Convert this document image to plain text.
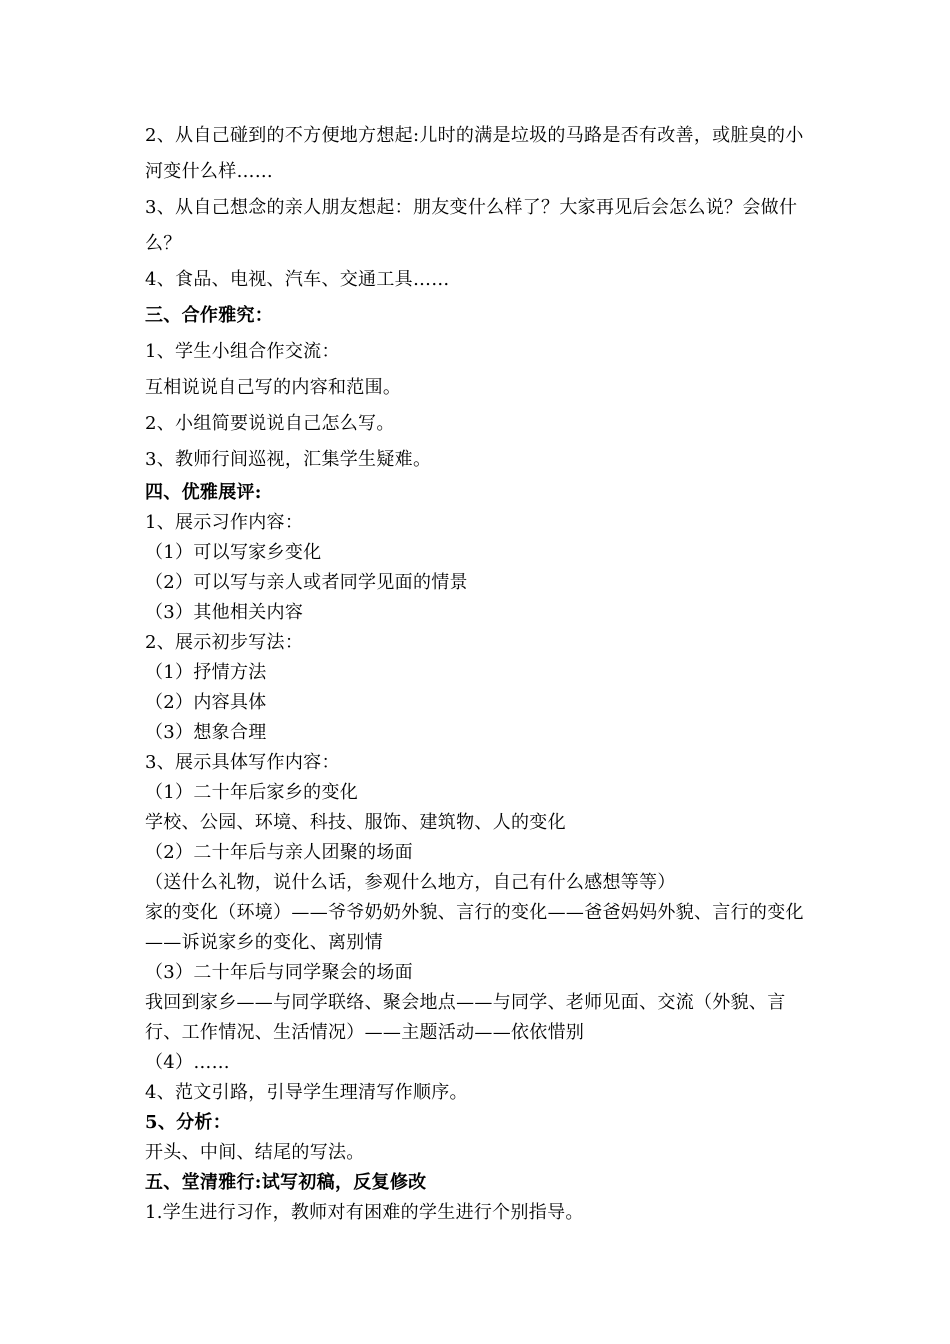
2、从自己碰到的不方便地方想起:儿时的满是垃圾的马路是否有改善，或脏臭的小河变什么样……

3、从自己想念的亲人朋友想起：朋友变什么样了？大家再见后会怎么说？会做什么？

4、食品、电视、汽车、交通工具……

三、合作雅究：

1、学生小组合作交流：

互相说说自己写的内容和范围。

2、小组简要说说自己怎么写。

3、教师行间巡视，汇集学生疑难。

四、优雅展评:

1、展示习作内容：

（1）可以写家乡变化

（2）可以写与亲人或者同学见面的情景

（3）其他相关内容

2、展示初步写法：

（1）抒情方法

（2）内容具体

（3）想象合理

3、展示具体写作内容：

（1）二十年后家乡的变化

学校、公园、环境、科技、服饰、建筑物、人的变化

（2）二十年后与亲人团聚的场面

（送什么礼物，说什么话，参观什么地方，自己有什么感想等等）

家的变化（环境）——爷爷奶奶外貌、言行的变化——爸爸妈妈外貌、言行的变化——诉说家乡的变化、离别情

（3）二十年后与同学聚会的场面

我回到家乡——与同学联络、聚会地点——与同学、老师见面、交流（外貌、言行、工作情况、生活情况）——主题活动——依依惜别

（4）……

4、范文引路，引导学生理清写作顺序。

5、分析：

开头、中间、结尾的写法。

五、堂清雅行:试写初稿，反复修改

1.学生进行习作，教师对有困难的学生进行个别指导。
